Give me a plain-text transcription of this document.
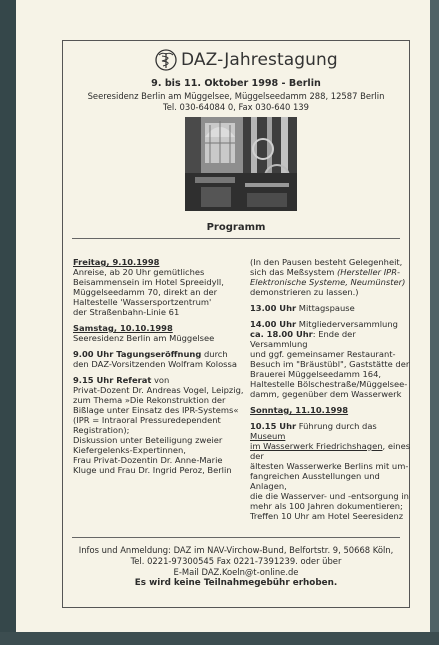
DAZ-Jahrestagung
9. bis 11. Oktober 1998 - Berlin
Seeresidenz Berlin am Müggelsee, Müggelseedamm 288, 12587 Berlin
Tel. 030-64084 0, Fax 030-640 139
Programm

Freitag, 9.10.1998

Anreise, ab 20 Uhr gemütliches

Beisammensein im Hotel Spreeidyll,

Müggelseedamm 70, direkt an der

Haltestelle 'Wassersportzentrum'

der Straßenbahn-Linie 61

Samstag, 10.10.1998

Seeresidenz Berlin am Müggelsee

9.00 Uhr Tagungseröffnung durch

den DAZ-Vorsitzenden Wolfram Kolossa

9.15 Uhr Referat von

Privat-Dozent Dr. Andreas Vogel, Leipzig,

zum Thema »Die Rekonstruktion der

Bißlage unter Einsatz des IPR-Systems«

(IPR = Intraoral Pressuredependent

Registration);

Diskussion unter Beteiligung zweier

Kiefergelenks-Expertinnen,

Frau Privat-Dozentin Dr. Anne-Marie

Kluge und Frau Dr. Ingrid Peroz, Berlin

(In den Pausen besteht Gelegenheit,

sich das Meßsystem (Hersteller IPR-

Elektronische Systeme, Neumünster)

demonstrieren zu lassen.)

13.00 Uhr Mittagspause

14.00 Uhr Mitgliederversammlung

ca. 18.00 Uhr: Ende der Versammlung

und ggf. gemeinsamer Restaurant-

Besuch im "Bräustübl", Gaststätte der

Brauerei Müggelseedamm 164,

Haltestelle Bölschestraße/Müggelsee-

damm, gegenüber dem Wasserwerk

Sonntag, 11.10.1998

10.15 Uhr Führung durch das Museum

im Wasserwerk Friedrichshagen, eines der

ältesten Wasserwerke Berlins mit um-

fangreichen Ausstellungen und Anlagen,

die die Wasserver- und -entsorgung in

mehr als 100 Jahren dokumentieren;

Treffen 10 Uhr am Hotel Seeresidenz

Infos und Anmeldung: DAZ im NAV-Virchow-Bund, Belfortstr. 9, 50668 Köln,
Tel. 0221-97300545 Fax 0221-7391239. oder über
E-Mail DAZ.Koeln@t-online.de
Es wird keine Teilnahmegebühr erhoben.
